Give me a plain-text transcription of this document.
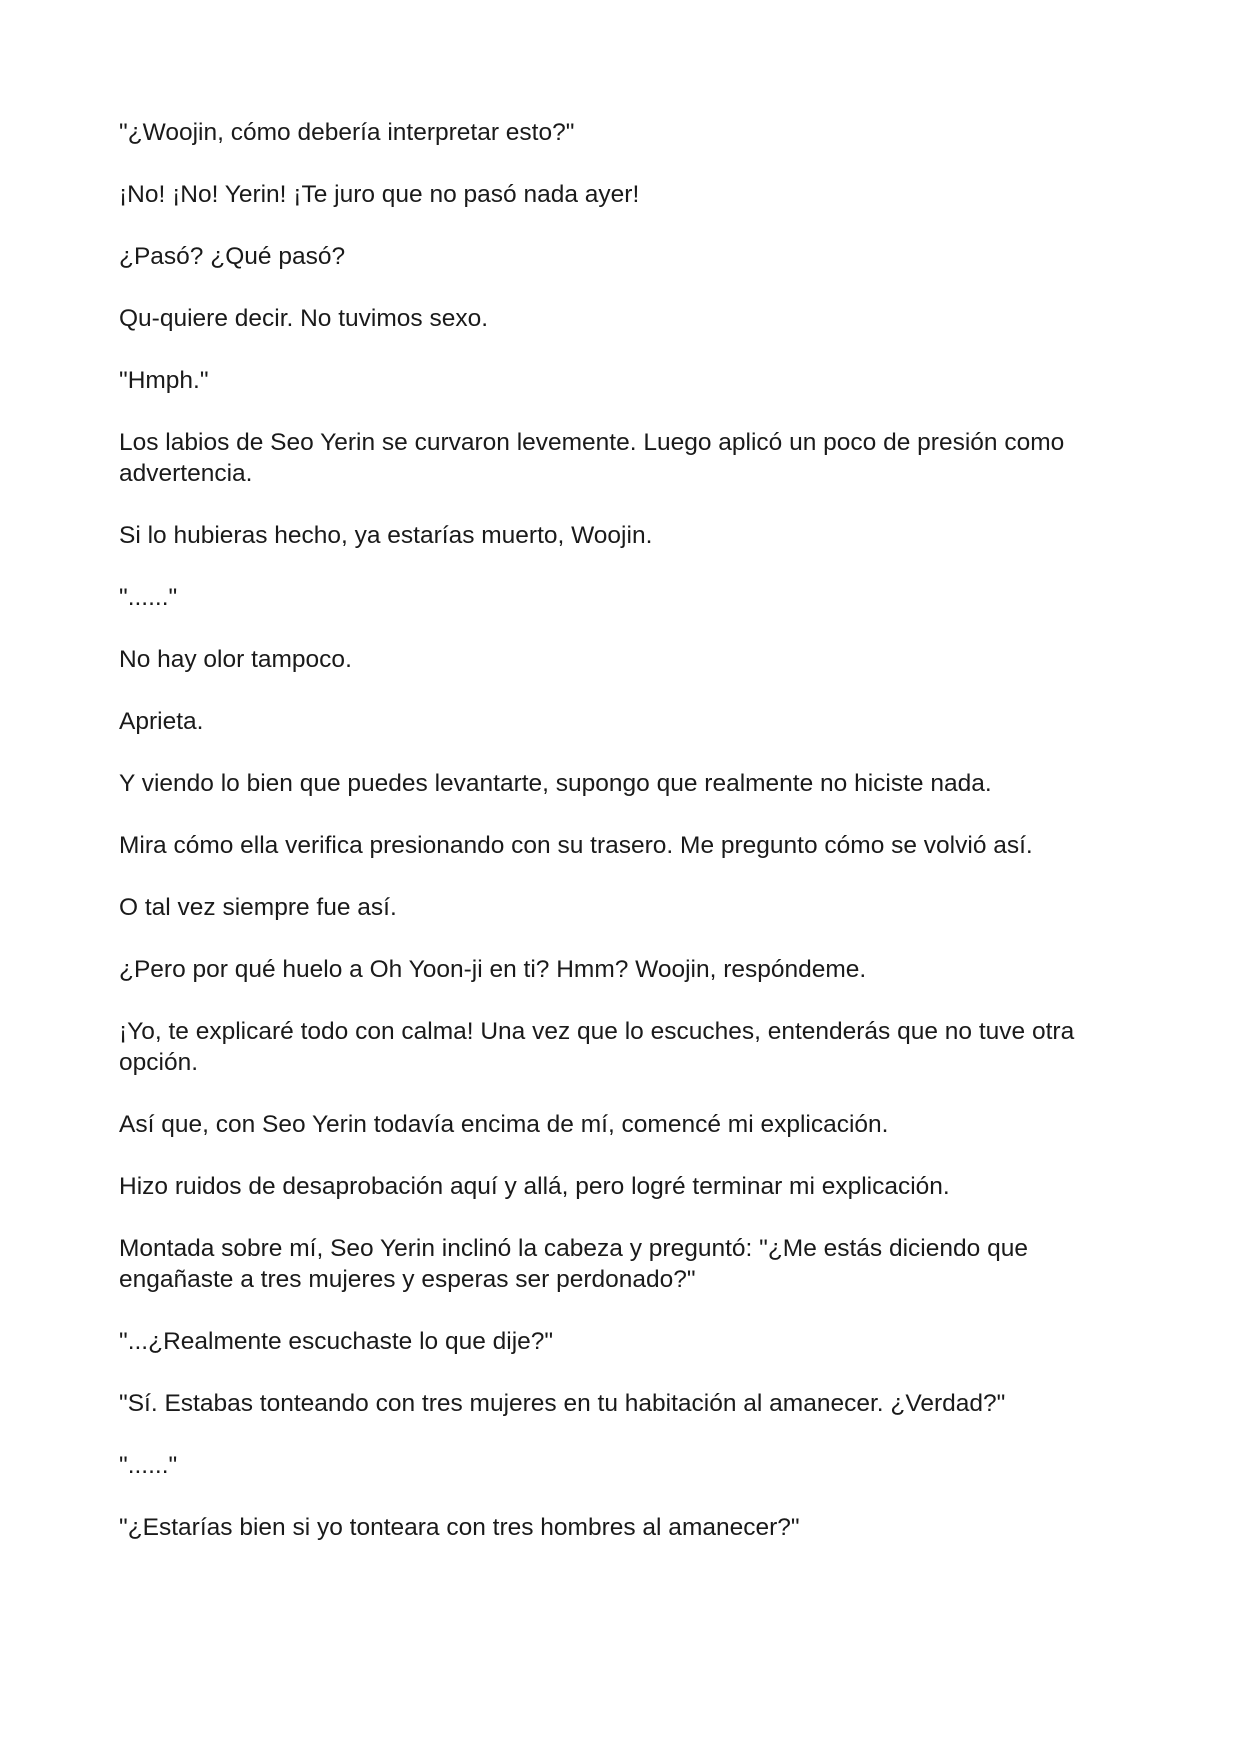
"¿Woojin, cómo debería interpretar esto?"

¡No! ¡No! Yerin! ¡Te juro que no pasó nada ayer!

¿Pasó? ¿Qué pasó?

Qu-quiere decir. No tuvimos sexo.

"Hmph."

Los labios de Seo Yerin se curvaron levemente. Luego aplicó un poco de presión como advertencia.

Si lo hubieras hecho, ya estarías muerto, Woojin.

"......"

No hay olor tampoco.

Aprieta.

Y viendo lo bien que puedes levantarte, supongo que realmente no hiciste nada.

Mira cómo ella verifica presionando con su trasero. Me pregunto cómo se volvió así.

O tal vez siempre fue así.

¿Pero por qué huelo a Oh Yoon-ji en ti? Hmm? Woojin, respóndeme.

¡Yo, te explicaré todo con calma! Una vez que lo escuches, entenderás que no tuve otra opción.

Así que, con Seo Yerin todavía encima de mí, comencé mi explicación.

Hizo ruidos de desaprobación aquí y allá, pero logré terminar mi explicación.

Montada sobre mí, Seo Yerin inclinó la cabeza y preguntó: "¿Me estás diciendo que engañaste a tres mujeres y esperas ser perdonado?"

"...¿Realmente escuchaste lo que dije?"

"Sí. Estabas tonteando con tres mujeres en tu habitación al amanecer. ¿Verdad?"

"......"

"¿Estarías bien si yo tonteara con tres hombres al amanecer?"
